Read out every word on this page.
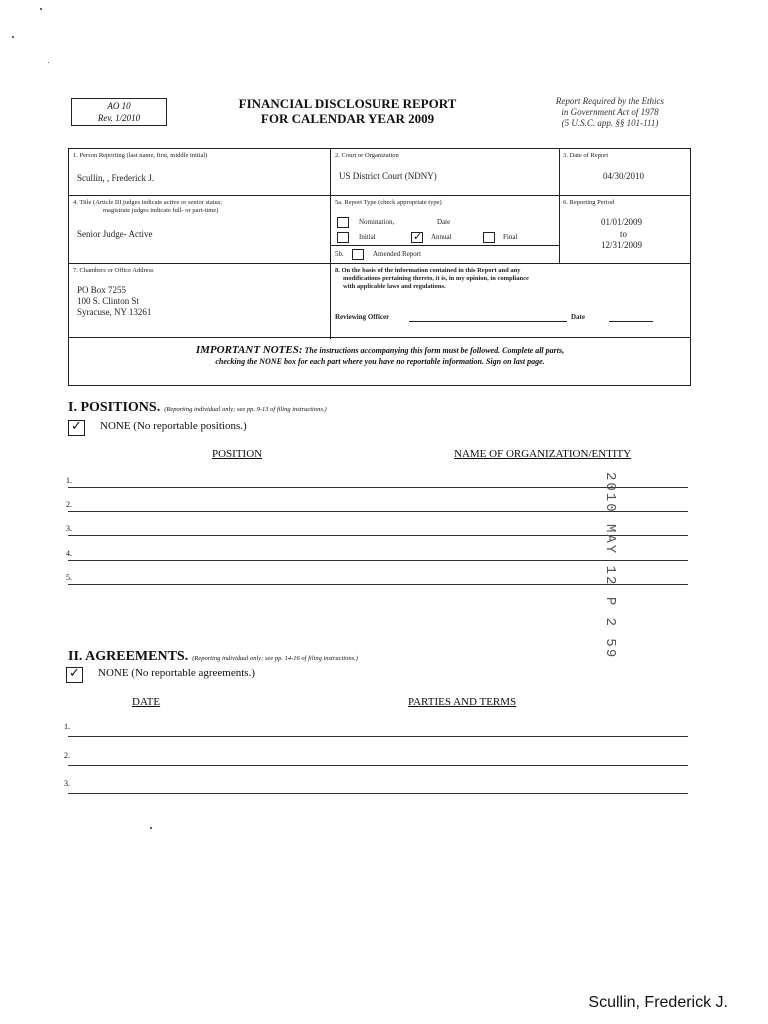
AO 10
Rev. 1/2010
FINANCIAL DISCLOSURE REPORT
FOR CALENDAR YEAR 2009
Report Required by the Ethics
in Government Act of 1978
(5 U.S.C. app. §§ 101-111)
1. Person Reporting (last name, first, middle initial)
Scullin, , Frederick J.
2. Court or Organization
US District Court (NDNY)
3. Date of Report
04/30/2010
4. Title (Article III judges indicate active or senior status;
magistrate judges indicate full- or part-time)
Senior Judge- Active
5a. Report Type (check appropriate type)
Nomination,	Date
Initial
✓	Annual	Final
5b.	Amended Report
6. Reporting Period
01/01/2009
to
12/31/2009
7. Chambers or Office Address
PO Box 7255
100 S. Clinton St
Syracuse, NY 13261
8. On the basis of the information contained in this Report and any
modifications pertaining thereto, it is, in my opinion, in compliance
with applicable laws and regulations.
Reviewing Officer	Date
IMPORTANT NOTES: The instructions accompanying this form must be followed. Complete all parts,
checking the NONE box for each part where you have no reportable information. Sign on last page.
I. POSITIONS. (Reporting individual only; see pp. 9-13 of filing instructions.)
✓
NONE (No reportable positions.)
POSITION	NAME OF ORGANIZATION/ENTITY
1.
2.
3.
4.
5.	2010 MAY 12 P 2 59
II. AGREEMENTS. (Reporting individual only; see pp. 14-16 of filing instructions.)
✓
NONE (No reportable agreements.)
DATE	PARTIES AND TERMS
1.
2.
3.
Scullin, Frederick J.
